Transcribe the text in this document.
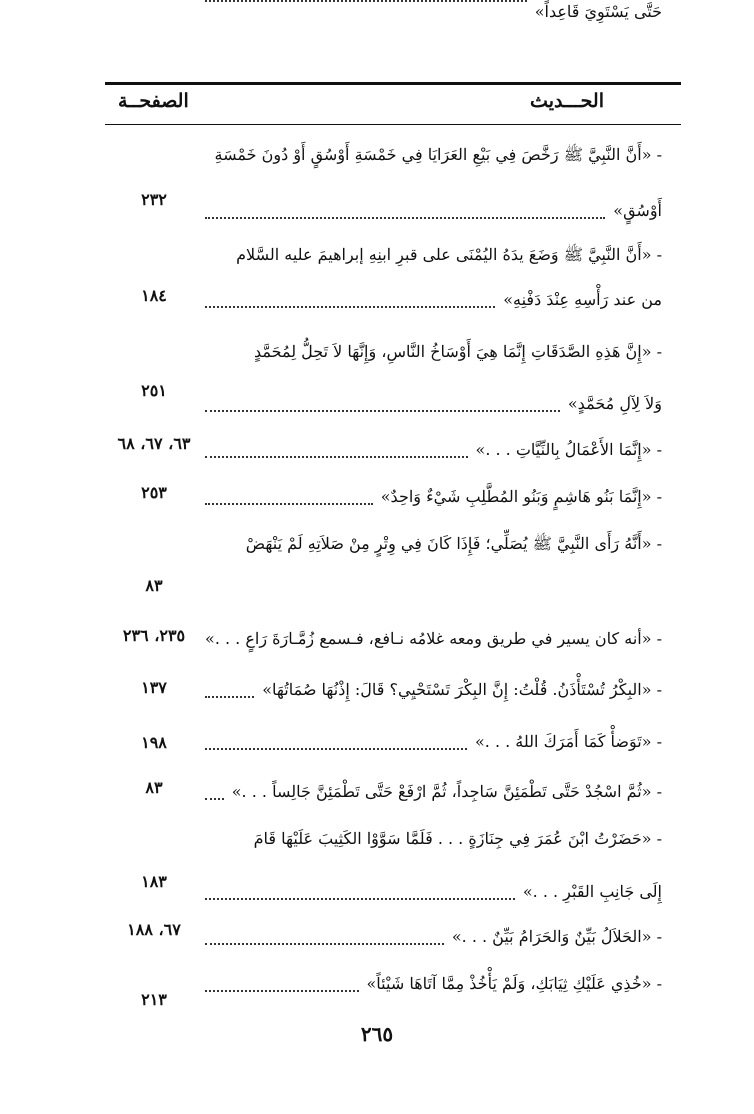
الحـــديث
الصفحــة
- «أَنَّ النَّبِيَّ ﷺ رَخَّصَ فِي بَيْعِ العَرَايَا فِي خَمْسَةِ أَوْسُقٍ أَوْ دُونَ خَمْسَةِ
أَوْسُقٍ»
٢٣٢
- «أَنَّ النَّبِيَّ ﷺ وَضَعَ يدَهُ اليُمْنَى على قبرِ ابنِهِ إبراهيمَ عليه السَّلام
من عند رَأْسِهِ عِنْدَ دَفْنِهِ»
١٨٤
- «إِنَّ هَذِهِ الصَّدَقَاتِ إِنَّمَا هِيَ أَوْسَاخُ النَّاسِ، وَإِنَّهَا لاَ تَحِلُّ لِمُحَمَّدٍ
وَلاَ لِآلِ مُحَمَّدٍ»
٢٥١
- «إِنَّمَا الأَعْمَالُ بِالنِّيَّاتِ . . .»
٦٣، ٦٧، ٦٨
- «إِنَّمَا بَنُو هَاشِمٍ وَبَنُو المُطَّلِبِ شَيْءٌ وَاحِدٌ»
٢٥٣
- «أَنَّهُ رَأَى النَّبِيَّ ﷺ يُصَلِّي؛ فَإِذَا كَانَ فِي وِتْرٍ مِنْ صَلاَتِهِ لَمْ يَنْهَضْ
حَتَّى يَسْتَوِيَ قَاعِداً»
٨٣
- «أنه كان يسير في طريق ومعه غلامُه نـافع، فـسمع زُمَّـارَةَ رَاعٍ . . .»
٢٣٥، ٢٣٦
- «البِكْرُ تُسْتَأْذَنُ. قُلْتُ: إِنَّ البِكْرَ تَسْتَحْيِي؟ قَالَ: إِذْنُهَا صُمَاتُهَا»
١٣٧
- «تَوَضأْ كَمَا أَمَرَكَ اللهُ . . .»
١٩٨
- «ثُمَّ اسْجُدْ حَتَّى تَطْمَئِنَّ سَاجِداً، ثُمَّ ارْفَعْ حَتَّى تَطْمَئِنَّ جَالِساً . . .»
٨٣
- «حَضَرْتُ ابْنَ عُمَرَ فِي جِنَازَةٍ . . . فَلَمَّا سَوَّوْا الكَثِيبَ عَلَيْهَا قَامَ
إِلَى جَانِبِ القَبْرِ . . .»
١٨٣
- «الحَلاَلُ بَيِّنٌ وَالحَرَامُ بَيِّنٌ . . .»
٦٧، ١٨٨
- «خُذِي عَلَيْكِ ثِيَابَكِ، وَلَمْ يَأْخُذْ مِمَّا آتَاهَا شَيْئاً»
٢١٣
٢٦٥
